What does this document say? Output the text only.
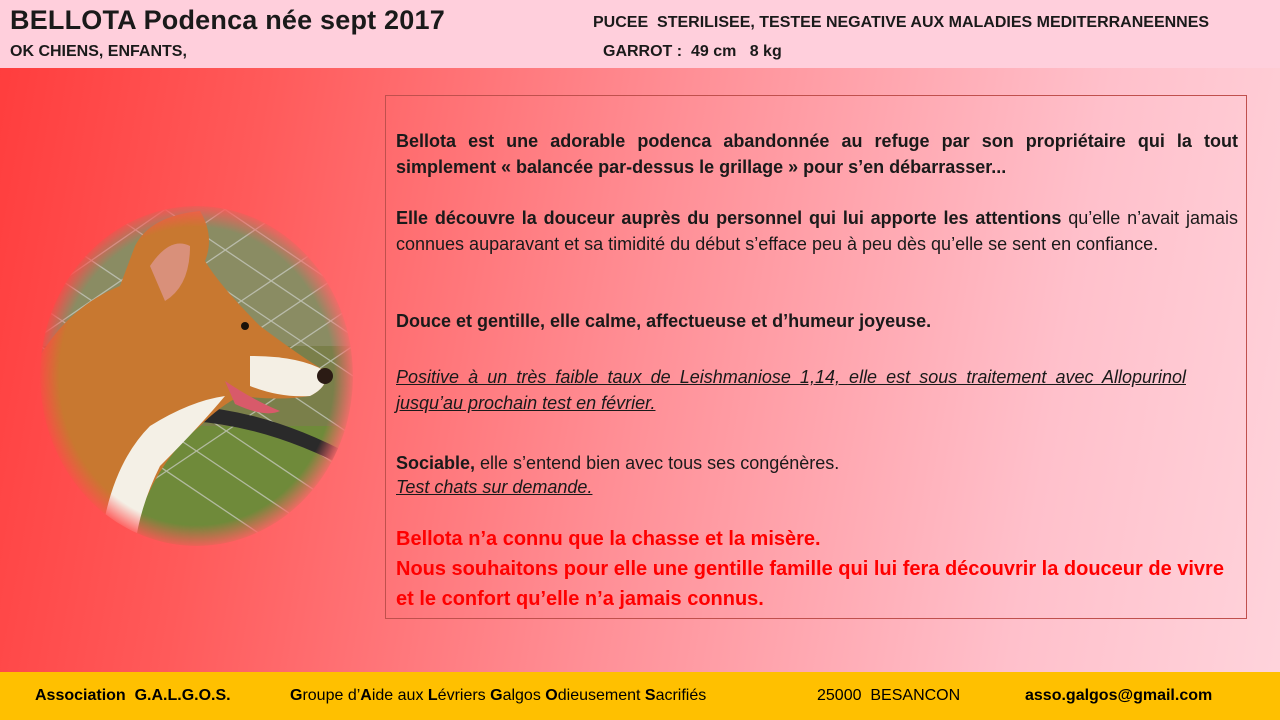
BELLOTA Podenca née sept 2017
OK CHIENS, ENFANTS,
PUCEE  STERILISEE, TESTEE NEGATIVE AUX MALADIES MEDITERRANEENNES
GARROT :  49 cm   8 kg
Bellota est une adorable podenca abandonnée au refuge par son propriétaire qui la tout simplement « balancée par-dessus le grillage » pour s’en débarrasser...
Elle découvre la douceur auprès du personnel qui lui apporte les attentions qu’elle n’avait jamais connues auparavant et sa timidité du début s’efface peu à peu dès qu’elle se sent en confiance.
Douce et gentille, elle calme, affectueuse et d’humeur joyeuse.
Positive à un très faible taux de Leishmaniose 1,14, elle est sous traitement avec Allopurinol jusqu’au prochain test en février.
Sociable, elle s’entend bien avec tous ses congénères.
Test chats sur demande.
Bellota n’a connu que la chasse et la misère.
Nous souhaitons pour elle une gentille famille qui lui fera découvrir la douceur de vivre et le confort qu’elle n’a jamais connus.
Association  G.A.L.G.O.S.	Groupe d’Aide aux Lévriers Galgos Odieusement Sacrifiés	25000  BESANCON	asso.galgos@gmail.com
